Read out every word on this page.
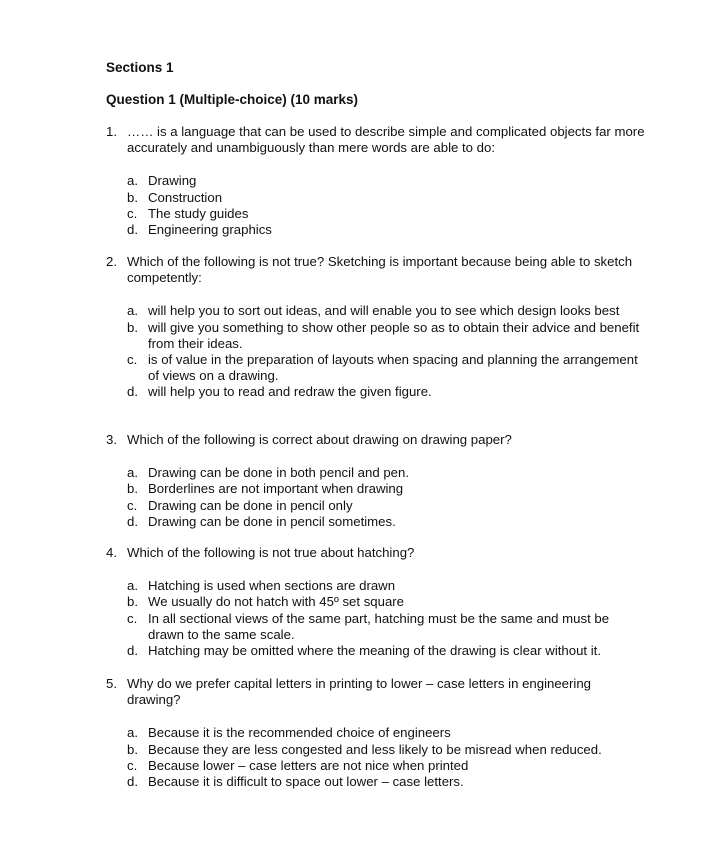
Sections 1
Question 1 (Multiple-choice) (10 marks)
1. …… is a language that can be used to describe simple and complicated objects far more accurately and unambiguously than mere words are able to do:
a. Drawing
b. Construction
c. The study guides
d. Engineering graphics
2. Which of the following is not true? Sketching is important because being able to sketch competently:
a. will help you to sort out ideas, and will enable you to see which design looks best
b. will give you something to show other people so as to obtain their advice and benefit from their ideas.
c. is of value in the preparation of layouts when spacing and planning the arrangement of views on a drawing.
d. will help you to read and redraw the given figure.
3. Which of the following is correct about drawing on drawing paper?
a. Drawing can be done in both pencil and pen.
b. Borderlines are not important when drawing
c. Drawing can be done in pencil only
d. Drawing can be done in pencil sometimes.
4. Which of the following is not true about hatching?
a. Hatching is used when sections are drawn
b. We usually do not hatch with 45º set square
c. In all sectional views of the same part, hatching must be the same and must be drawn to the same scale.
d. Hatching may be omitted where the meaning of the drawing is clear without it.
5. Why do we prefer capital letters in printing to lower – case letters in engineering drawing?
a. Because it is the recommended choice of engineers
b. Because they are less congested and less likely to be misread when reduced.
c. Because lower – case letters are not nice when printed
d. Because it is difficult to space out lower – case letters.
